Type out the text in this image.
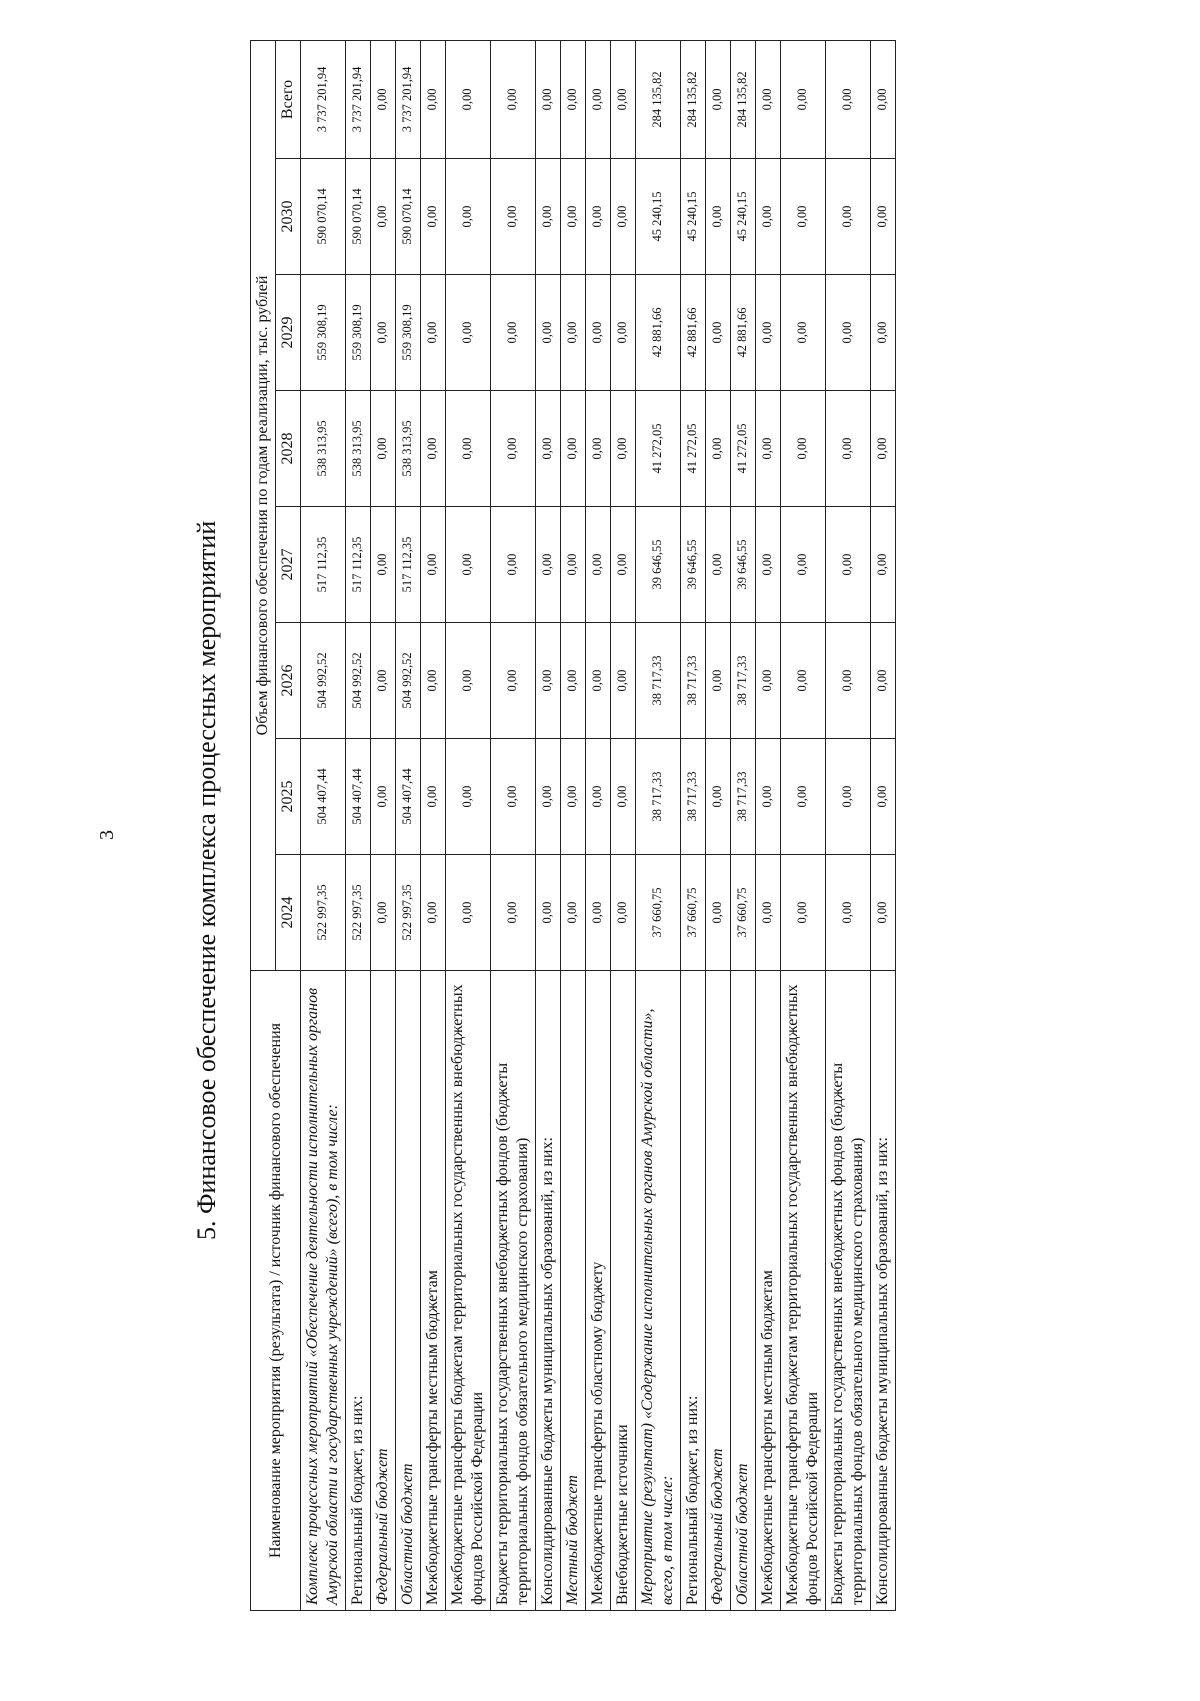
3	5. Финансовое обеспечение комплекса процессных мероприятий
Наименование мероприятия (результата) / источник финансового обеспечения	Объем финансового обеспечения по годам реализации, тыс. рублей							
	2024	2025	2026	2027	2028	2029	2030	Всего
Комплекс процессных мероприятий «Обеспечение деятельности исполнительных органов Амурской области и государственных учреждений» (всего), в том числе:	522 997,35	504 407,44	504 992,52	517 112,35	538 313,95	559 308,19	590 070,14	3 737 201,94
Региональный бюджет, из них:	522 997,35	504 407,44	504 992,52	517 112,35	538 313,95	559 308,19	590 070,14	3 737 201,94
Федеральный бюджет	0,00	0,00	0,00	0,00	0,00	0,00	0,00	0,00
Областной бюджет	522 997,35	504 407,44	504 992,52	517 112,35	538 313,95	559 308,19	590 070,14	3 737 201,94
Межбюджетные трансферты местным бюджетам	0,00	0,00	0,00	0,00	0,00	0,00	0,00	0,00
Межбюджетные трансферты бюджетам территориальных государственных внебюджетных фондов Российской Федерации	0,00	0,00	0,00	0,00	0,00	0,00	0,00	0,00
Бюджеты территориальных государственных внебюджетных фондов (бюджеты территориальных фондов обязательного медицинского страхования)	0,00	0,00	0,00	0,00	0,00	0,00	0,00	0,00
Консолидированные бюджеты муниципальных образований, из них:	0,00	0,00	0,00	0,00	0,00	0,00	0,00	0,00
Местный бюджет	0,00	0,00	0,00	0,00	0,00	0,00	0,00	0,00
Межбюджетные трансферты областному бюджету	0,00	0,00	0,00	0,00	0,00	0,00	0,00	0,00
Внебюджетные источники	0,00	0,00	0,00	0,00	0,00	0,00	0,00	0,00
Мероприятие (результат) «Содержание исполнительных органов Амурской области», всего, в том числе:	37 660,75	38 717,33	38 717,33	39 646,55	41 272,05	42 881,66	45 240,15	284 135,82
Региональный бюджет, из них:	37 660,75	38 717,33	38 717,33	39 646,55	41 272,05	42 881,66	45 240,15	284 135,82
Федеральный бюджет	0,00	0,00	0,00	0,00	0,00	0,00	0,00	0,00
Областной бюджет	37 660,75	38 717,33	38 717,33	39 646,55	41 272,05	42 881,66	45 240,15	284 135,82
Межбюджетные трансферты местным бюджетам	0,00	0,00	0,00	0,00	0,00	0,00	0,00	0,00
Межбюджетные трансферты бюджетам территориальных государственных внебюджетных фондов Российской Федерации	0,00	0,00	0,00	0,00	0,00	0,00	0,00	0,00
Бюджеты территориальных государственных внебюджетных фондов (бюджеты территориальных фондов обязательного медицинского страхования)	0,00	0,00	0,00	0,00	0,00	0,00	0,00	0,00
Консолидированные бюджеты муниципальных образований, из них:	0,00	0,00	0,00	0,00	0,00	0,00	0,00	0,00
